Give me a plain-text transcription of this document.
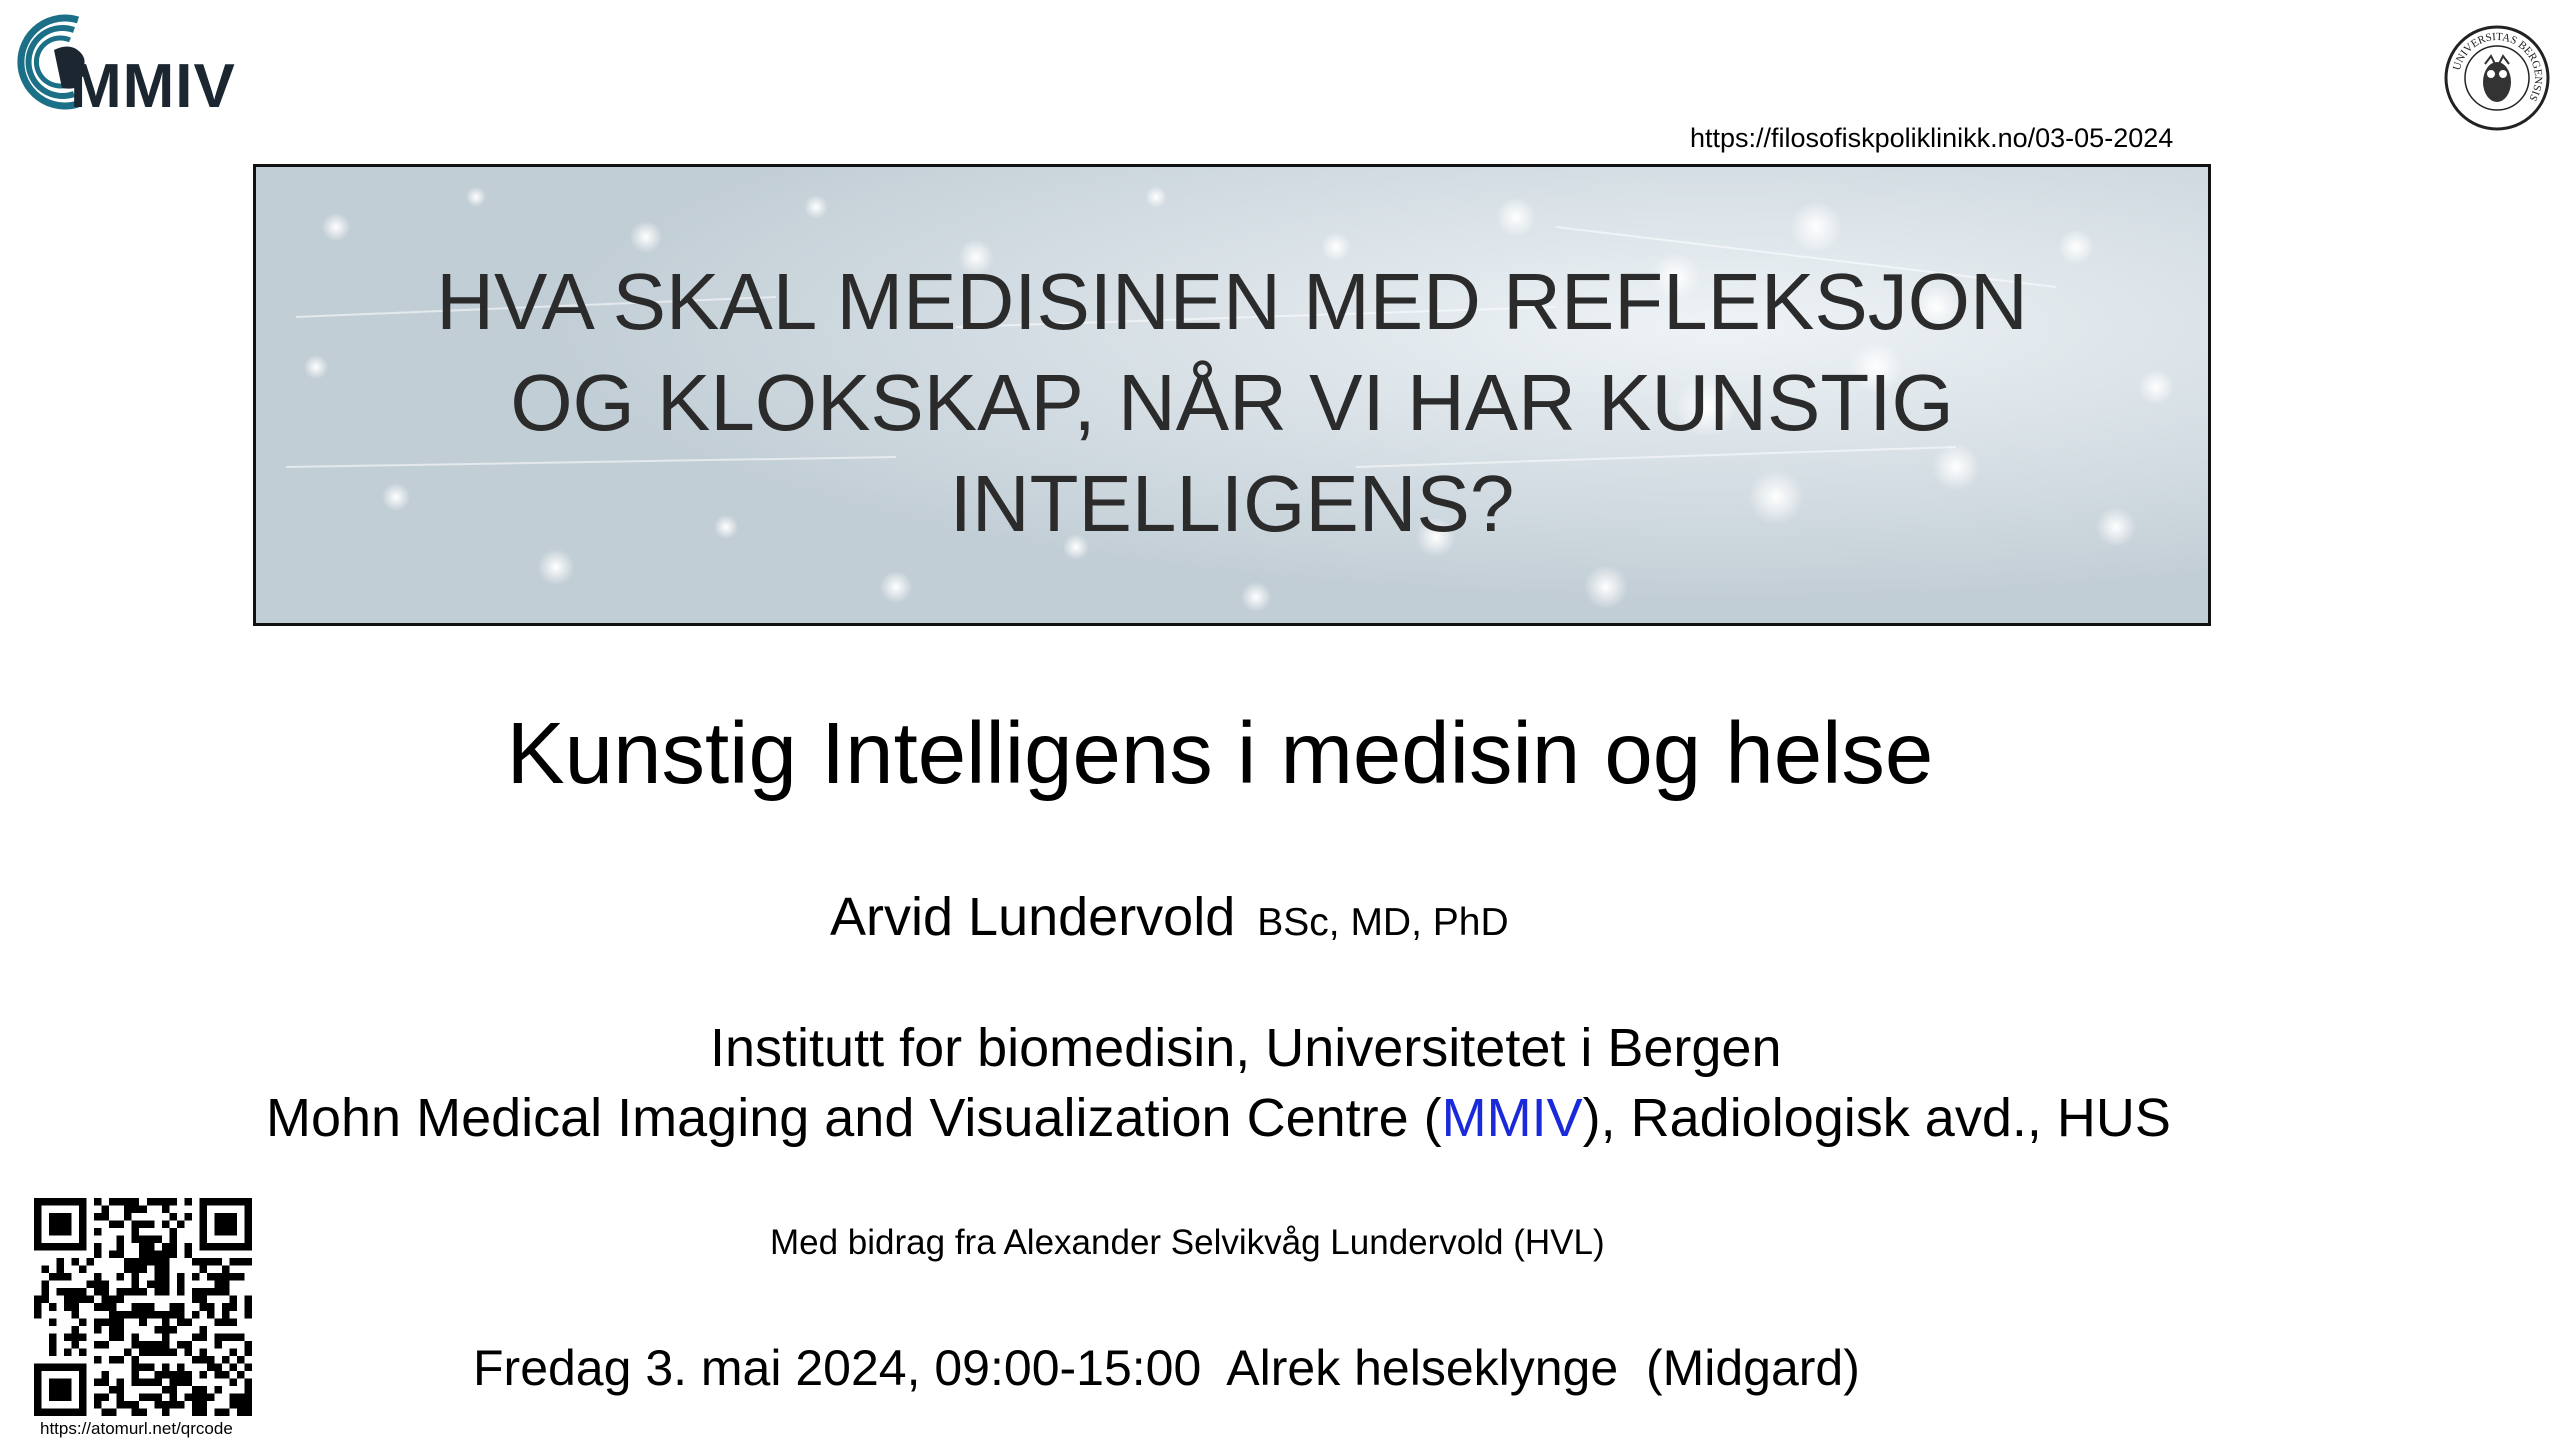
MMIV	UNIVERSITAS BERGENSIS
https://filosofiskpoliklinikk.no/03-05-2024
HVA SKAL MEDISINEN MED REFLEKSJON
OG KLOKSKAP, NÅR VI HAR KUNSTIG
INTELLIGENS?
Kunstig Intelligens i medisin og helse
Arvid Lundervold BSc, MD, PhD
Institutt for biomedisin, Universitetet i Bergen
Mohn Medical Imaging and Visualization Centre (MMIV), Radiologisk avd., HUS
Med bidrag fra Alexander Selvikvåg Lundervold (HVL)
Fredag 3. mai 2024, 09:00-15:00  Alrek helseklynge  (Midgard)
https://atomurl.net/qrcode
